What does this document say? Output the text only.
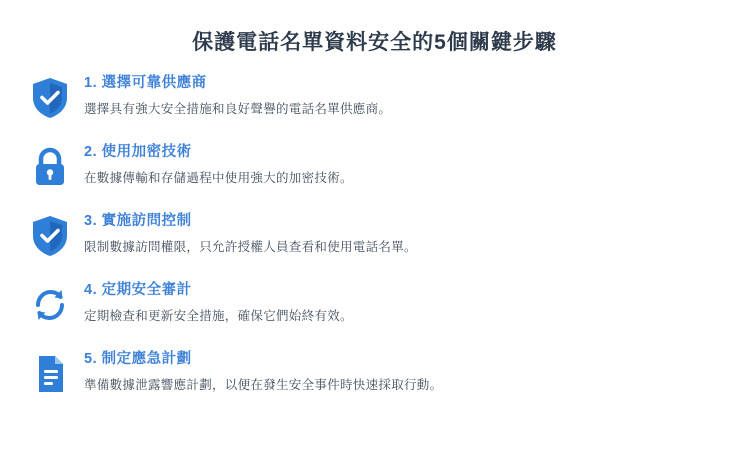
保護電話名單資料安全的5個關鍵步驟

1. 選擇可靠供應商

選擇具有強大安全措施和良好聲譽的電話名單供應商。

2. 使用加密技術

在數據傳輸和存儲過程中使用強大的加密技術。

3. 實施訪問控制

限制數據訪問權限，只允許授權人員查看和使用電話名單。

4. 定期安全審計

定期檢查和更新安全措施，確保它們始終有效。

5. 制定應急計劃

準備數據泄露響應計劃，以便在發生安全事件時快速採取行動。
